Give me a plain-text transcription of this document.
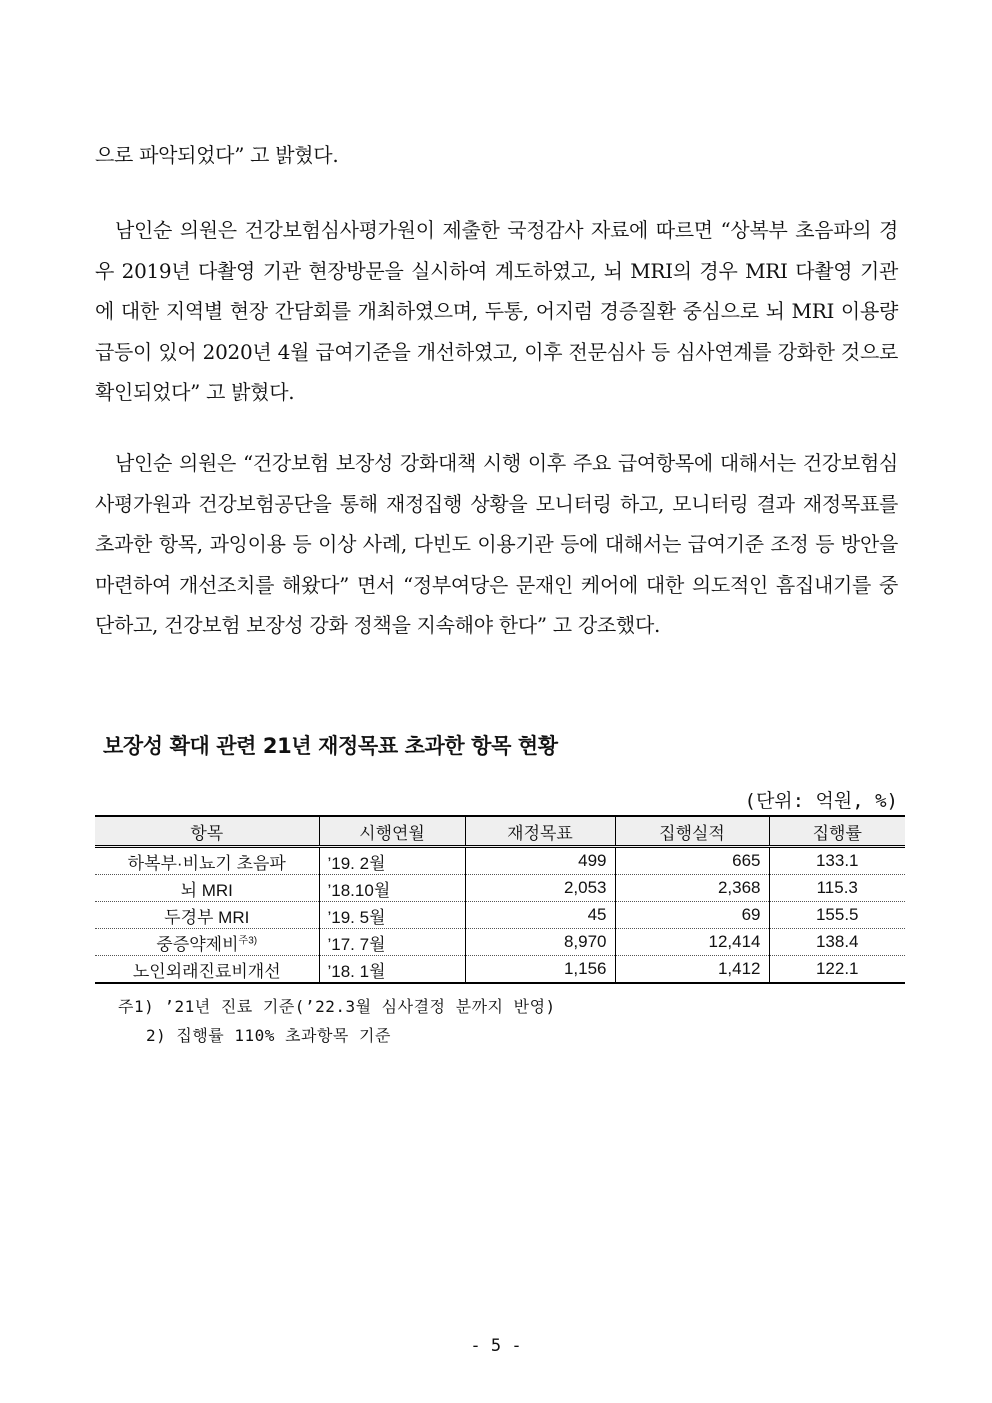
으로 파악되었다” 고 밝혔다.

남인순 의원은 건강보험심사평가원이 제출한 국정감사 자료에 따르면 “상복부 초음파의 경우 2019년 다촬영 기관 현장방문을 실시하여 계도하였고, 뇌 MRI의 경우 MRI 다촬영 기관에 대한 지역별 현장 간담회를 개최하였으며, 두통, 어지럼 경증질환 중심으로 뇌 MRI 이용량 급등이 있어 2020년 4월 급여기준을 개선하였고, 이후 전문심사 등 심사연계를 강화한 것으로 확인되었다” 고 밝혔다.

남인순 의원은 “건강보험 보장성 강화대책 시행 이후 주요 급여항목에 대해서는 건강보험심사평가원과 건강보험공단을 통해 재정집행 상황을 모니터링 하고, 모니터링 결과 재정목표를 초과한 항목, 과잉이용 등 이상 사례, 다빈도 이용기관 등에 대해서는 급여기준 조정 등 방안을 마련하여 개선조치를 해왔다” 면서 “정부여당은 문재인 케어에 대한 의도적인 흠집내기를 중단하고, 건강보험 보장성 강화 정책을 지속해야 한다” 고 강조했다.

보장성 확대 관련 21년 재정목표 초과한 항목 현황
(단위: 억원, %)
항목	시행연월	재정목표	집행실적	집행률
하복부·비뇨기 초음파	’19. 2월	499	665	133.1
뇌 MRI	’18.10월	2,053	2,368	115.3
두경부 MRI	’19. 5월	45	69	155.5
중증약제비$^{주3)}$	’17. 7월	8,970	12,414	138.4
노인외래진료비개선	’18. 1월	1,156	1,412	122.1
주1) ’21년 진료 기준(’22.3월 심사결정 분까지 반영)
2) 집행률 110% 초과항목 기준
- 5 -
